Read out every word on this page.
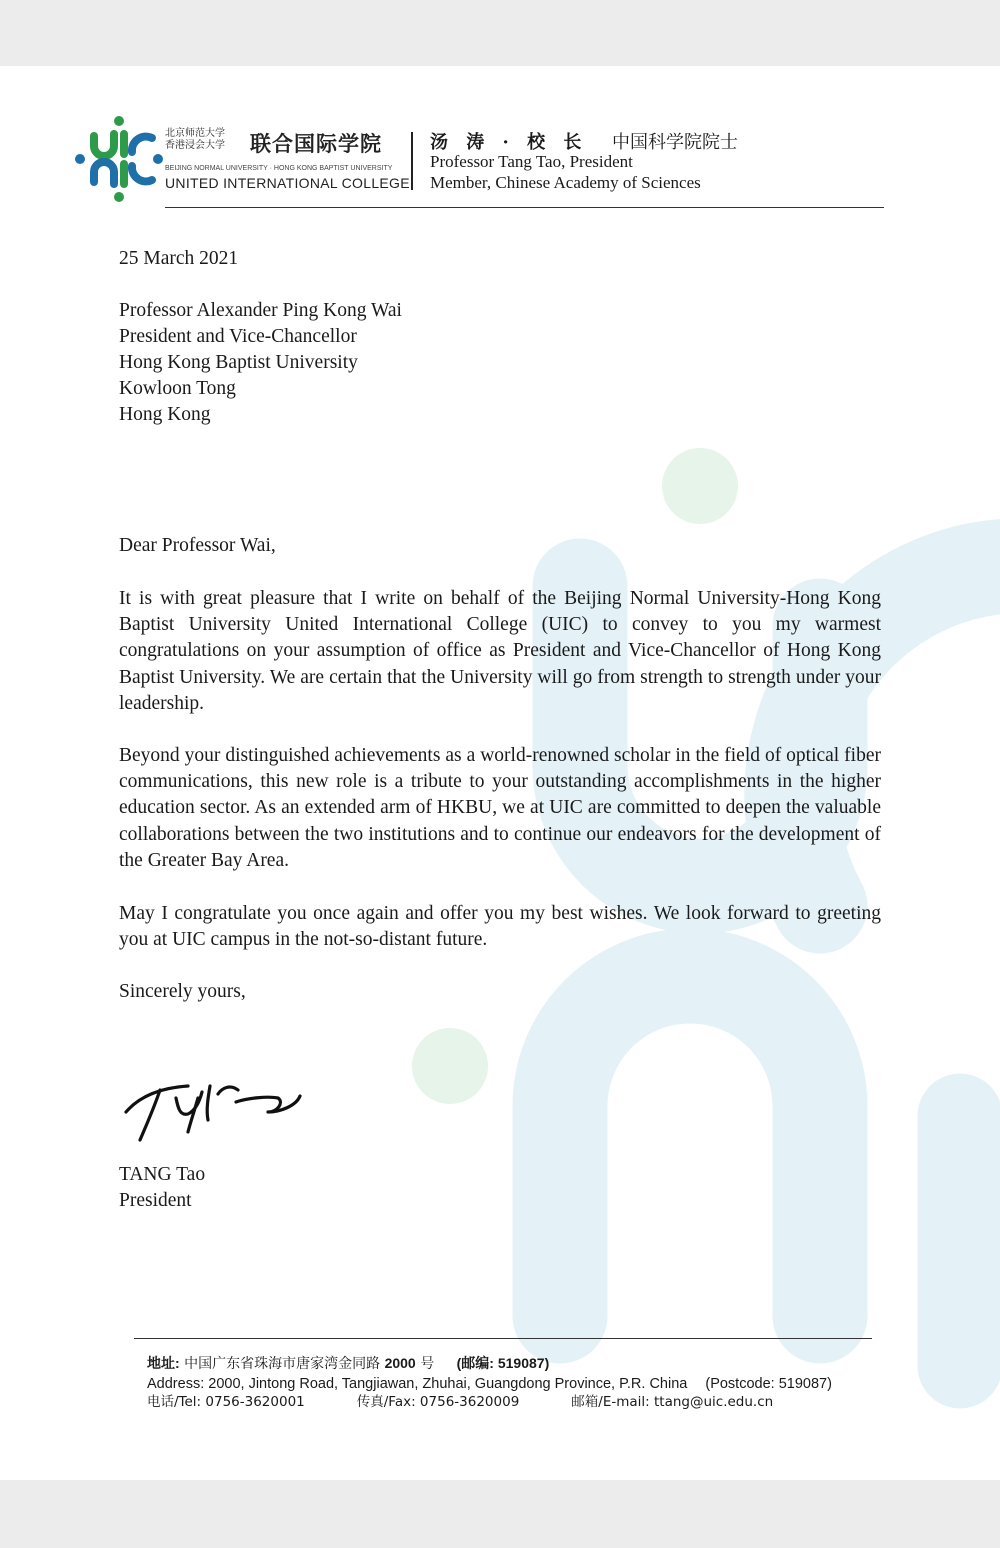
北京师范大学
香港浸会大学 联合国际学院
BEIJING NORMAL UNIVERSITY · HONG KONG BAPTIST UNIVERSITY
UNITED INTERNATIONAL COLLEGE
汤 涛 · 校 长 中国科学院院士
Professor Tang Tao, President
Member, Chinese Academy of Sciences
25 March 2021
Professor Alexander Ping Kong Wai
President and Vice-Chancellor
Hong Kong Baptist University
Kowloon Tong
Hong Kong
Dear Professor Wai,
It is with great pleasure that I write on behalf of the Beijing Normal University-Hong Kong Baptist University United International College (UIC) to convey to you my warmest congratulations on your assumption of office as President and Vice-Chancellor of Hong Kong Baptist University. We are certain that the University will go from strength to strength under your leadership.
Beyond your distinguished achievements as a world-renowned scholar in the field of optical fiber communications, this new role is a tribute to your outstanding accomplishments in the higher education sector. As an extended arm of HKBU, we at UIC are committed to deepen the valuable collaborations between the two institutions and to continue our endeavors for the development of the Greater Bay Area.
May I congratulate you once again and offer you my best wishes. We look forward to greeting you at UIC campus in the not-so-distant future.
Sincerely yours,
TANG Tao
President
地址: 中国广东省珠海市唐家湾金同路 2000 号 (邮编: 519087)
Address: 2000, Jintong Road, Tangjiawan, Zhuhai, Guangdong Province, P.R. China (Postcode: 519087)
电话/Tel: 0756-3620001	传真/Fax: 0756-3620009	邮箱/E-mail: ttang@uic.edu.cn
